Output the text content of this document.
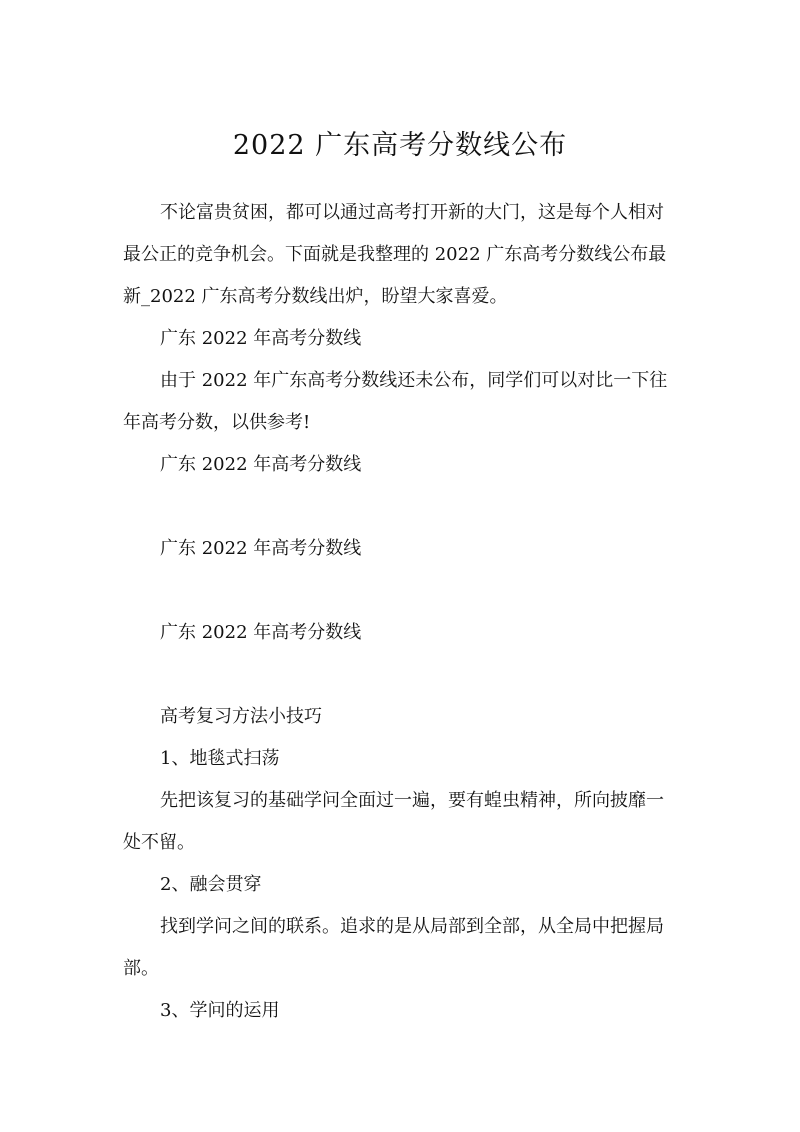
2022 广东高考分数线公布
不论富贵贫困，都可以通过高考打开新的大门，这是每个人相对
最公正的竞争机会。下面就是我整理的 2022 广东高考分数线公布最
新_2022 广东高考分数线出炉，盼望大家喜爱。
广东 2022 年高考分数线
由于 2022 年广东高考分数线还未公布，同学们可以对比一下往
年高考分数，以供参考!
广东 2022 年高考分数线
广东 2022 年高考分数线
广东 2022 年高考分数线
高考复习方法小技巧
1、地毯式扫荡
先把该复习的基础学问全面过一遍，要有蝗虫精神，所向披靡一
处不留。
2、融会贯穿
找到学问之间的联系。追求的是从局部到全部，从全局中把握局
部。
3、学问的运用
